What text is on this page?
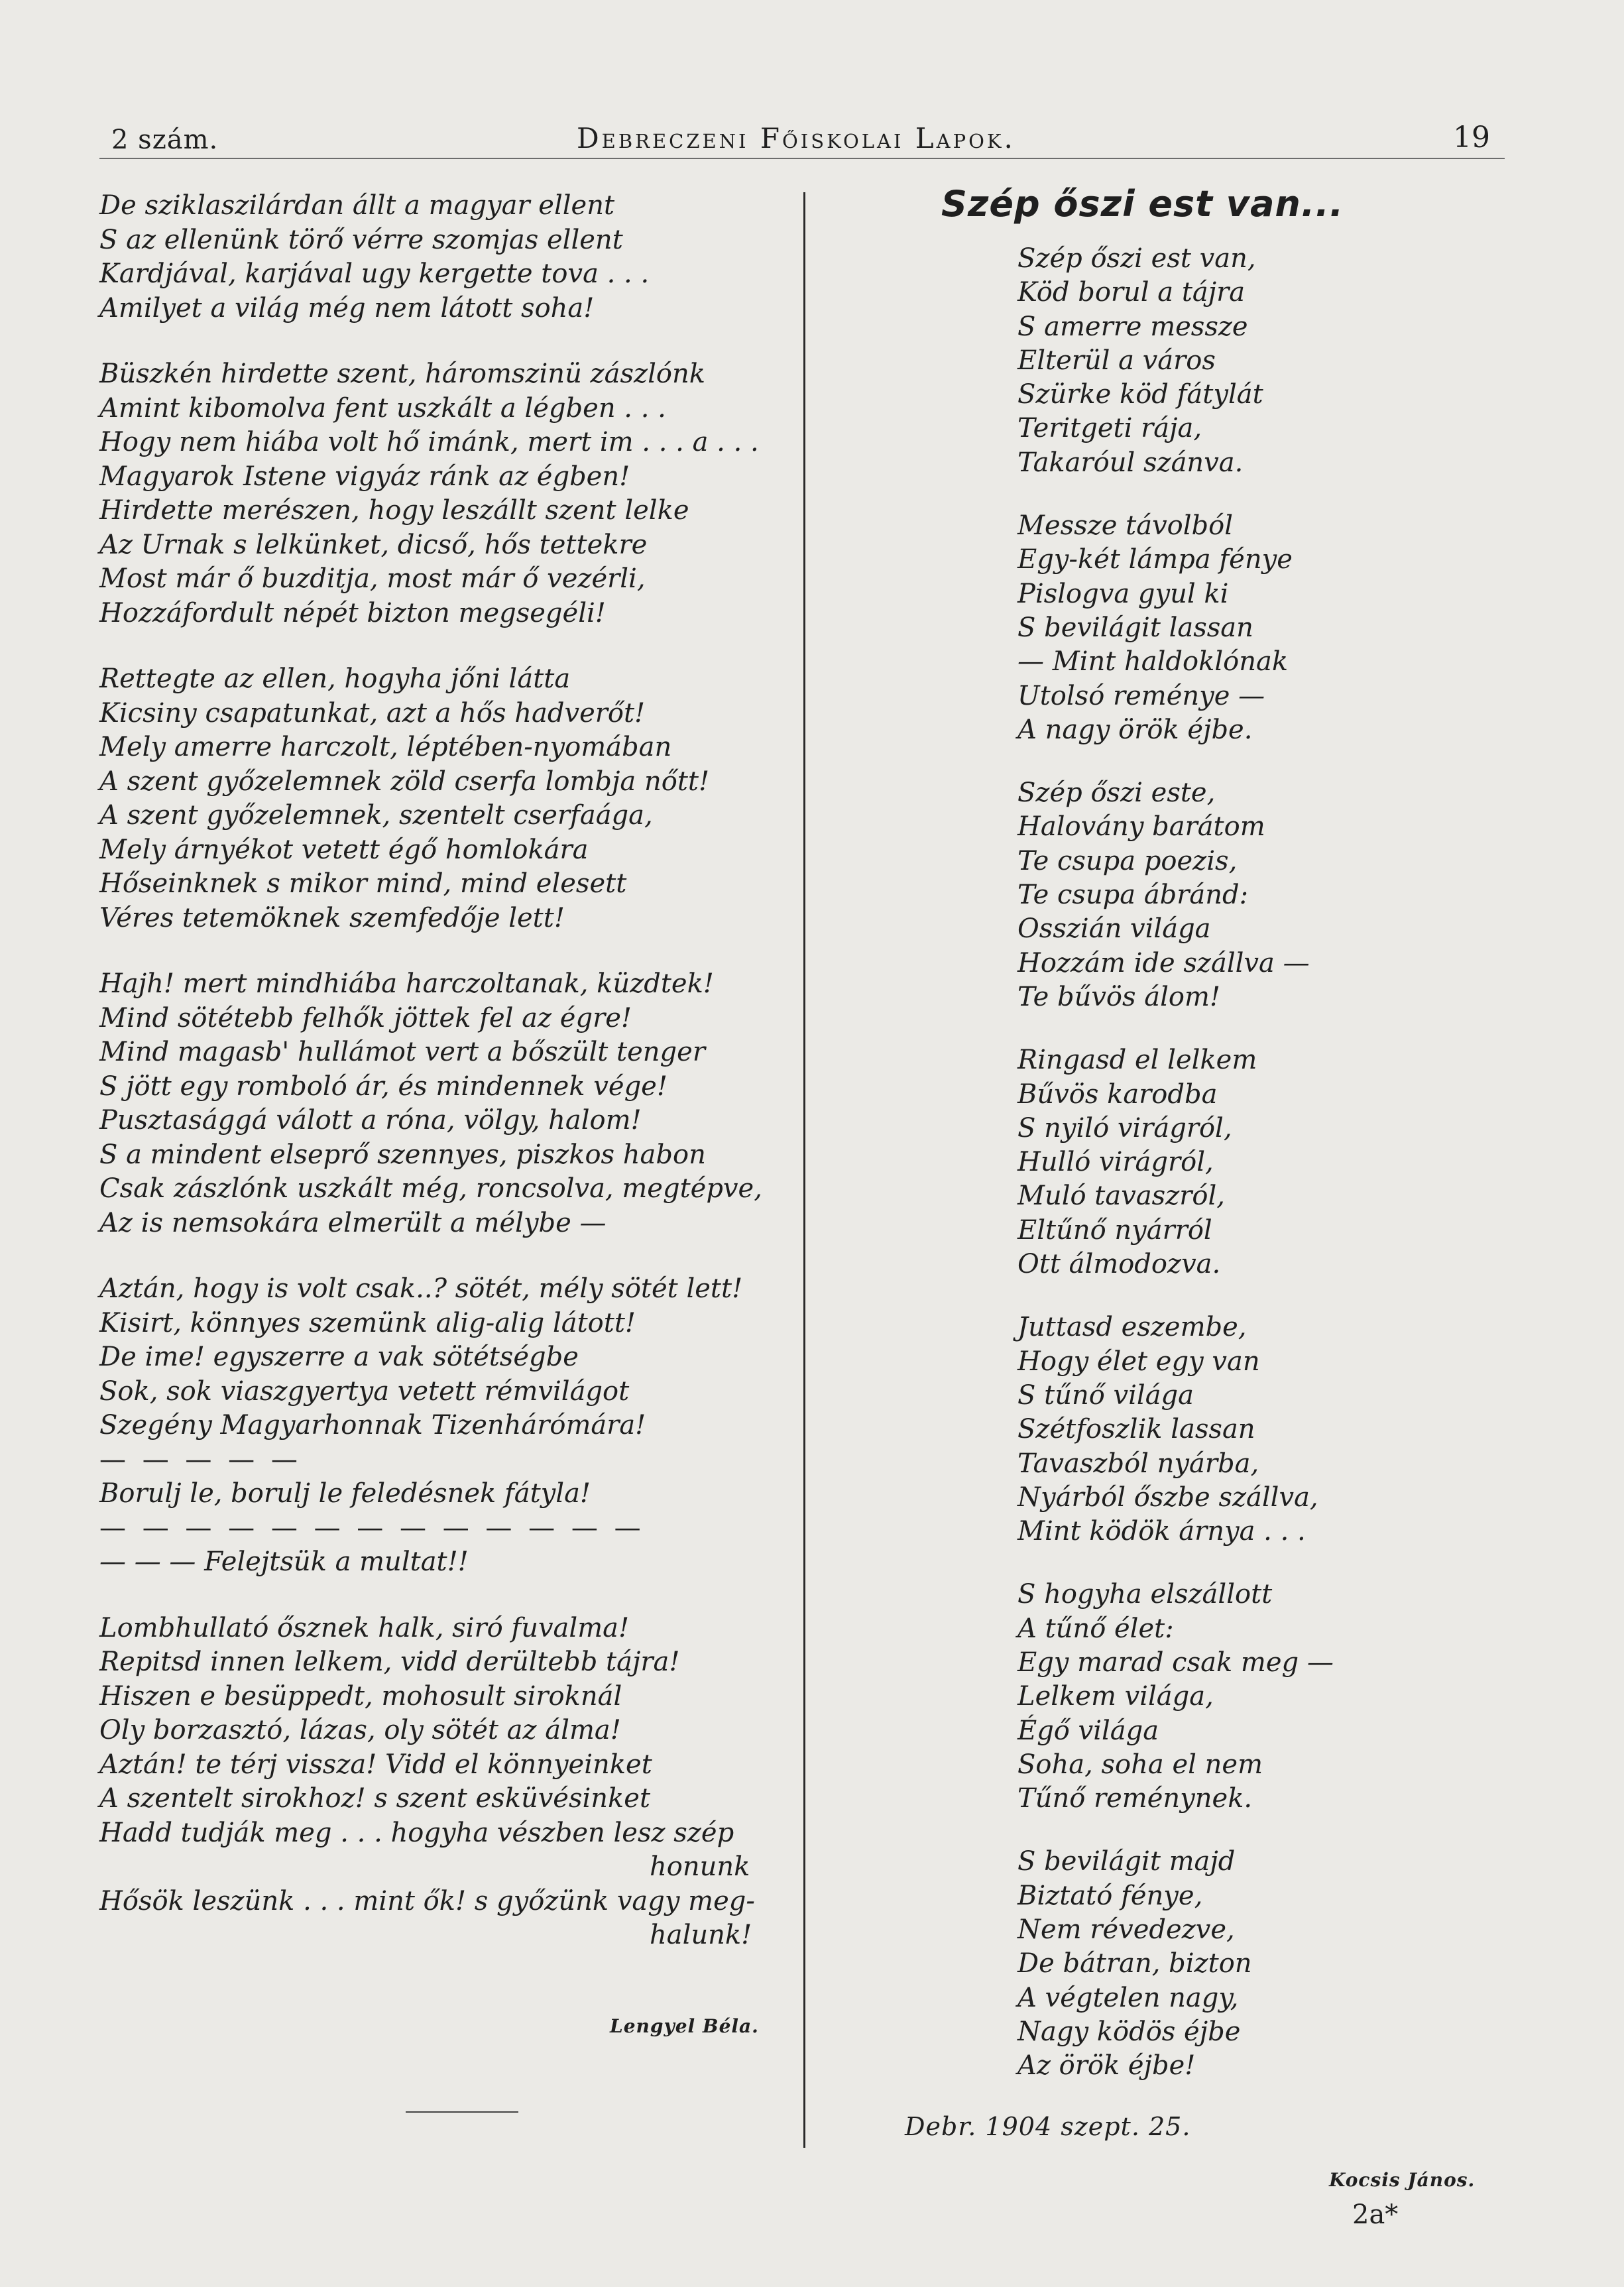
2 szám.	Debreczeni Főiskolai Lapok.	19
De sziklaszilárdan állt a magyar ellent
S az ellenünk törő vérre szomjas ellent
Kardjával, karjával ugy kergette tova . . .
Amilyet a világ még nem látott soha!
Büszkén hirdette szent, háromszinü zászlónk
Amint kibomolva fent uszkált a légben . . .
Hogy nem hiába volt hő imánk, mert im . . . a . . .
Magyarok Istene vigyáz ránk az égben!
Hirdette merészen, hogy leszállt szent lelke
Az Urnak s lelkünket, dicső, hős tettekre
Most már ő buzditja, most már ő vezérli,
Hozzáfordult népét bizton megsegéli!
Rettegte az ellen, hogyha jőni látta
Kicsiny csapatunkat, azt a hős hadverőt!
Mely amerre harczolt, léptében-nyomában
A szent győzelemnek zöld cserfa lombja nőtt!
A szent győzelemnek, szentelt cserfaága,
Mely árnyékot vetett égő homlokára
Hőseinknek s mikor mind, mind elesett
Véres tetemöknek szemfedője lett!
Hajh! mert mindhiába harczoltanak, küzdtek!
Mind sötétebb felhők jöttek fel az égre!
Mind magasb' hullámot vert a bőszült tenger
S jött egy romboló ár, és mindennek vége!
Pusztasággá válott a róna, völgy, halom!
S a mindent elseprő szennyes, piszkos habon
Csak zászlónk uszkált még, roncsolva, megtépve,
Az is nemsokára elmerült a mélybe —
Aztán, hogy is volt csak..? sötét, mély sötét lett!
Kisirt, könnyes szemünk alig-alig látott!
De ime! egyszerre a vak sötétségbe
Sok, sok viaszgyertya vetett rémvilágot
Szegény Magyarhonnak Tizenhárómára!
— — — — —
Borulj le, borulj le feledésnek fátyla!
— — — — — — — — — — — — —
— — — Felejtsük a multat!!
Lombhullató ősznek halk, siró fuvalma!
Repitsd innen lelkem, vidd derültebb tájra!
Hiszen e besüppedt, mohosult siroknál
Oly borzasztó, lázas, oly sötét az álma!
Aztán! te térj vissza! Vidd el könnyeinket
A szentelt sirokhoz! s szent esküvésinket
Hadd tudják meg . . . hogyha vészben lesz szép
honunk
Hősök leszünk . . . mint ők! s győzünk vagy meg-
halunk!
Lengyel Béla.
Szép őszi est van...
Szép őszi est van,
Köd borul a tájra
S amerre messze
Elterül a város
Szürke köd fátylát
Teritgeti rája,
Takaróul szánva.
Messze távolból
Egy-két lámpa fénye
Pislogva gyul ki
S bevilágit lassan
— Mint haldoklónak
Utolsó reménye —
A nagy örök éjbe.
Szép őszi este,
Halovány barátom
Te csupa poezis,
Te csupa ábránd:
Osszián világa
Hozzám ide szállva —
Te bűvös álom!
Ringasd el lelkem
Bűvös karodba
S nyiló virágról,
Hulló virágról,
Muló tavaszról,
Eltűnő nyárról
Ott álmodozva.
Juttasd eszembe,
Hogy élet egy van
S tűnő világa
Szétfoszlik lassan
Tavaszból nyárba,
Nyárból őszbe szállva,
Mint ködök árnya . . .
S hogyha elszállott
A tűnő élet:
Egy marad csak meg —
Lelkem világa,
Égő világa
Soha, soha el nem
Tűnő reménynek.
S bevilágit majd
Biztató fénye,
Nem révedezve,
De bátran, bizton
A végtelen nagy,
Nagy ködös éjbe
Az örök éjbe!
Debr. 1904 szept. 25.
Kocsis János.
2a*
